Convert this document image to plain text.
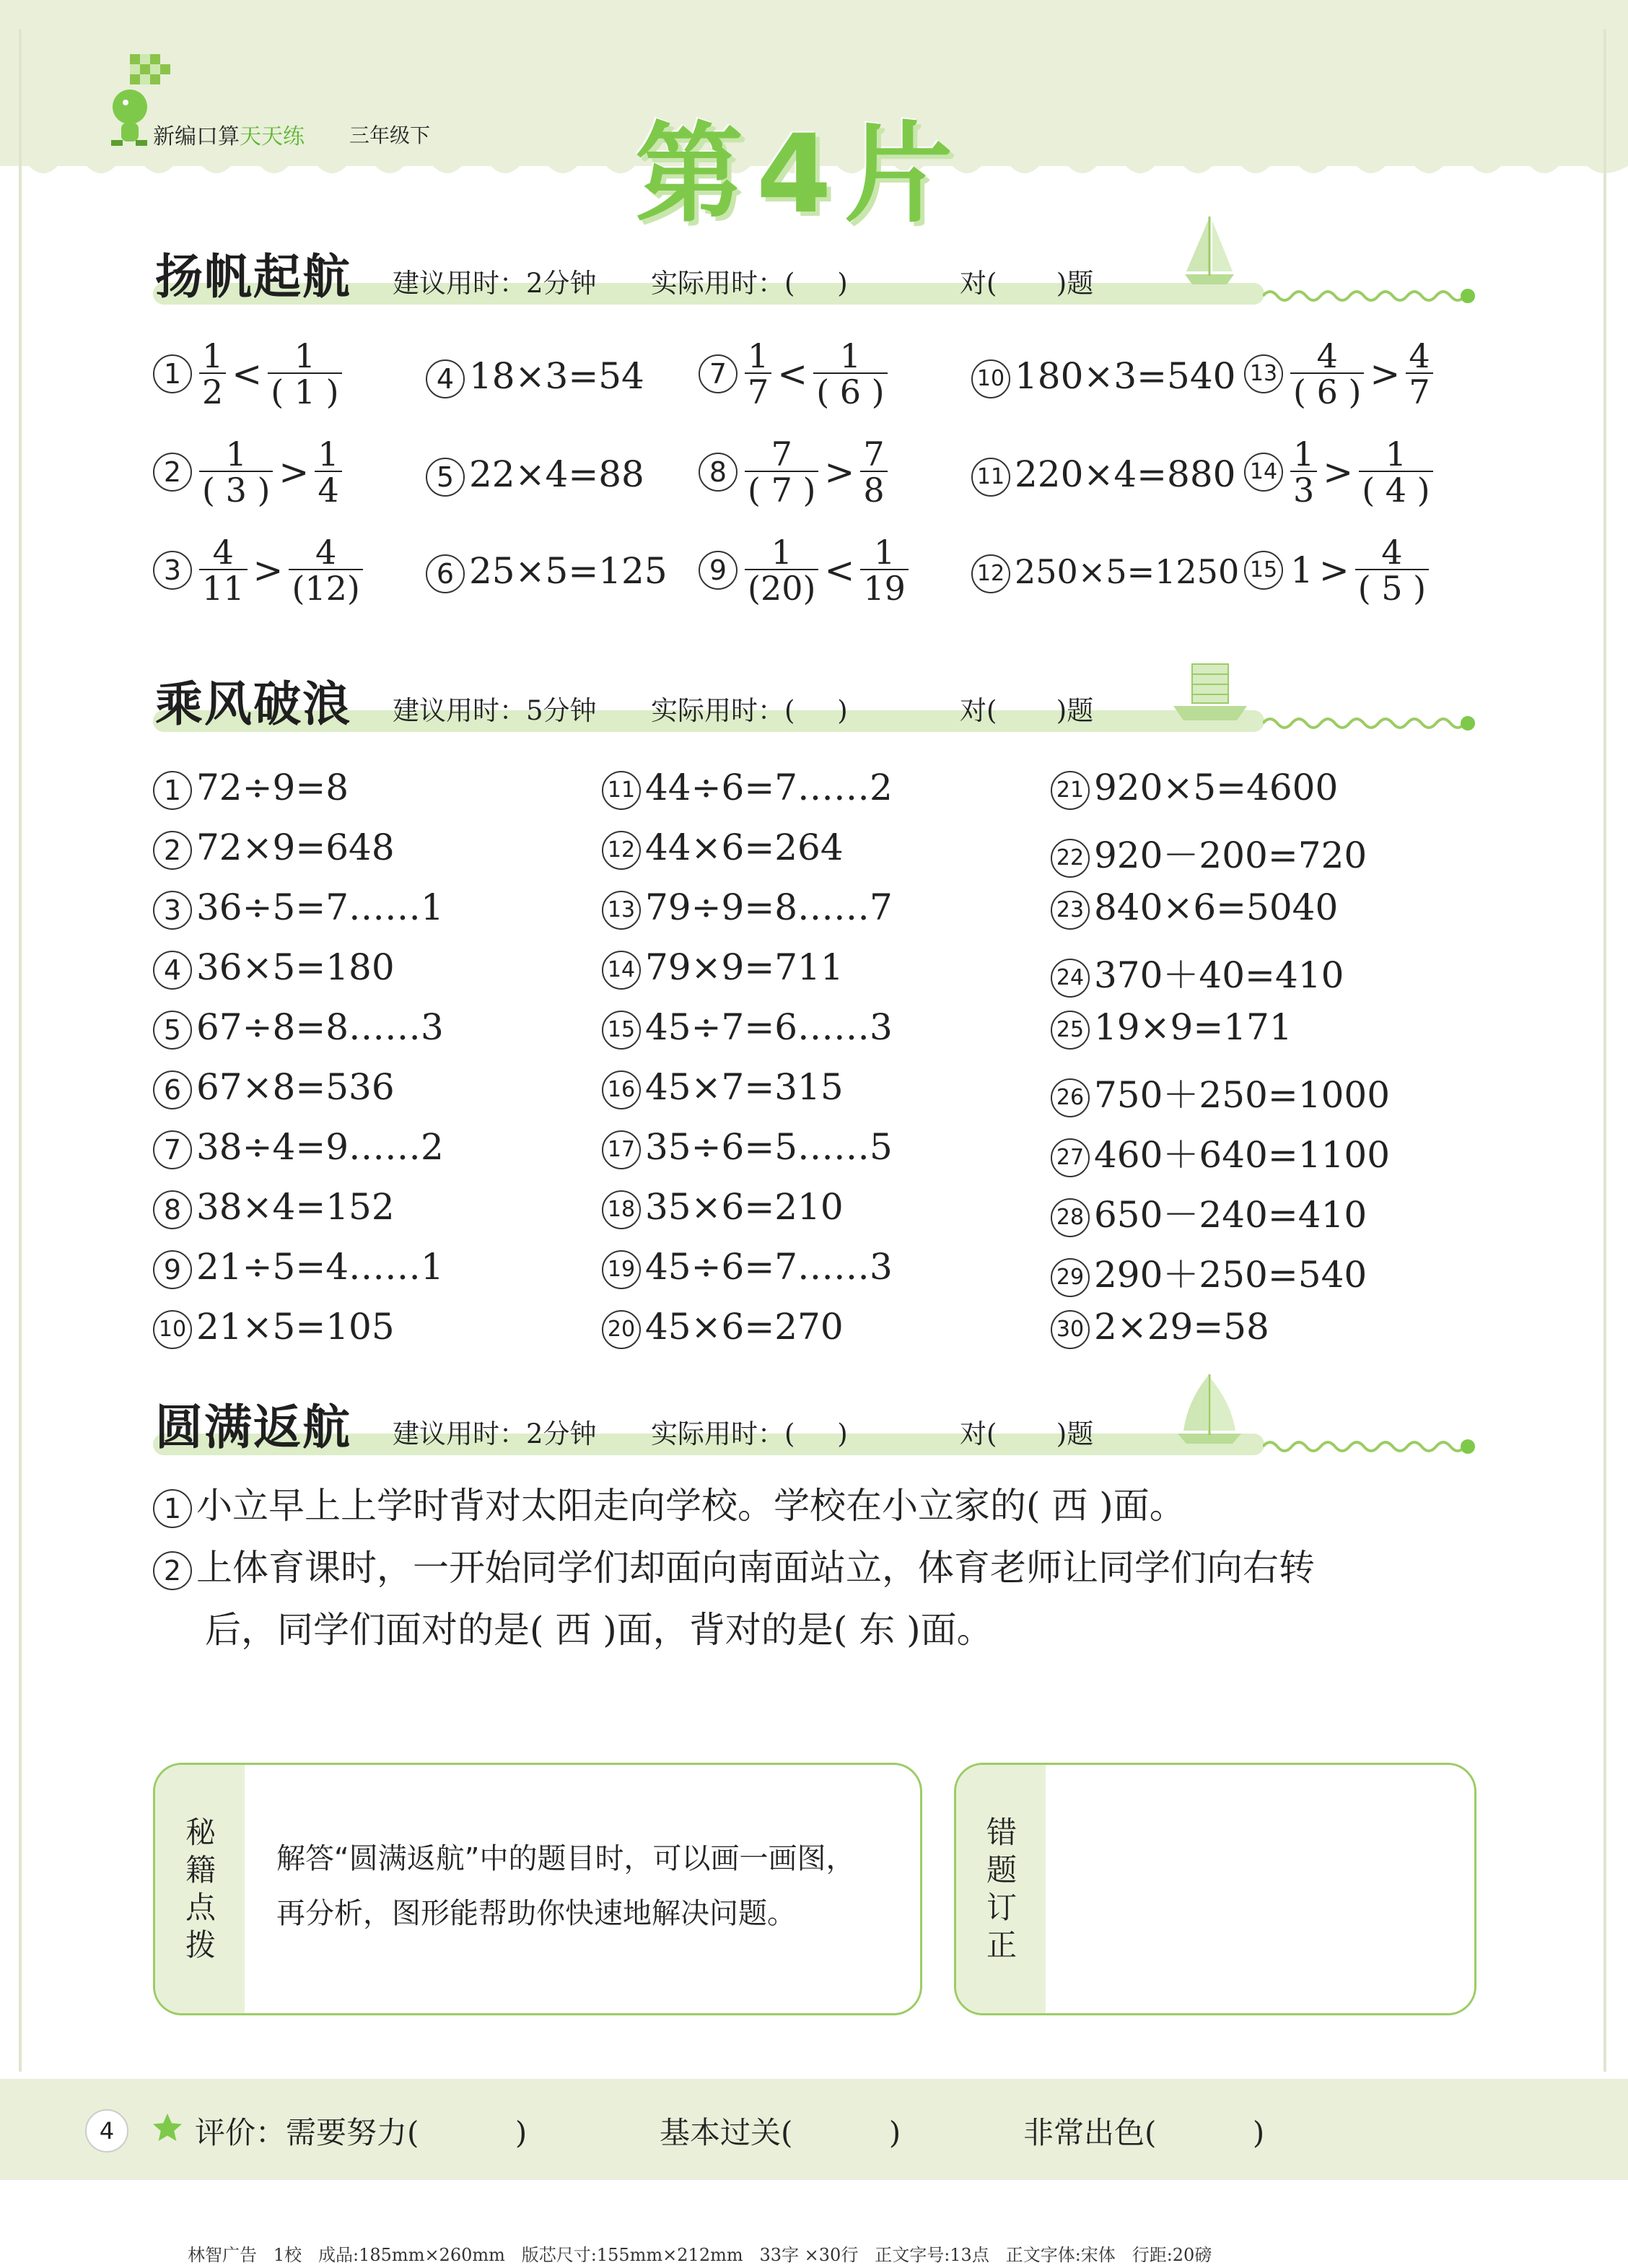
新编口算天天练 三年级下 第4片
扬帆起航 建议用时：2分钟 实际用时：(     )	对(       )题
$1 \frac{1}{2} < \frac{1}{( 1 )}$
$2 \frac{1}{( 3 )} > \frac{1}{4}$
$3 \frac{4}{11} > \frac{4}{(12)}$
4 18×3=54
5 22×4=88
6 25×5=125
$7 \frac{1}{7} < \frac{1}{( 6 )}$
$8 \frac{7}{( 7 )} > \frac{7}{8}$
$9 \frac{1}{(20)} < \frac{1}{19}$
10 180×3=540
11 220×4=880
12 250×5=1250
$13 \frac{4}{( 6 )} > \frac{4}{7}$
$14 \frac{1}{3} > \frac{1}{( 4 )}$
15 $1 > \frac{4}{( 5 )}$
乘风破浪 建议用时：5分钟 实际用时：(     )	对(       )题
1 72÷9=8
2 72×9=648
3 36÷5=7……1
4 36×5=180
5 67÷8=8……3
6 67×8=536
7 38÷4=9……2
8 38×4=152
9 21÷5=4……1
10 21×5=105
11 44÷6=7……2
12 44×6=264
13 79÷9=8……7
14 79×9=711
15 45÷7=6……3
16 45×7=315
17 35÷6=5……5
18 35×6=210
19 45÷6=7……3
20 45×6=270
21 920×5=4600
22 920－200=720
23 840×6=5040
24 370＋40=410
25 19×9=171
26 750＋250=1000
27 460＋640=1100
28 650－240=410
29 290＋250=540
30 2×29=58
圆满返航 建议用时：2分钟 实际用时：(     )	对(       )题
1 小立早上上学时背对太阳走向学校。学校在小立家的( 西 )面。
2 上体育课时，一开始同学们却面向南面站立，体育老师让同学们向右转
后，同学们面对的是( 西 )面，背对的是( 东 )面。
秘
籍
点
拨
解答“圆满返航”中的题目时，可以画一画图，
再分析，图形能帮助你快速地解决问题。
错
题
订
正
4	评价：需要努力(          )	基本过关(          )	非常出色(          )
林智广告   1校   成品:185mm×260mm   版芯尺寸:155mm×212mm   33字 ×30行   正文字号:13点   正文字体:宋体   行距:20磅
